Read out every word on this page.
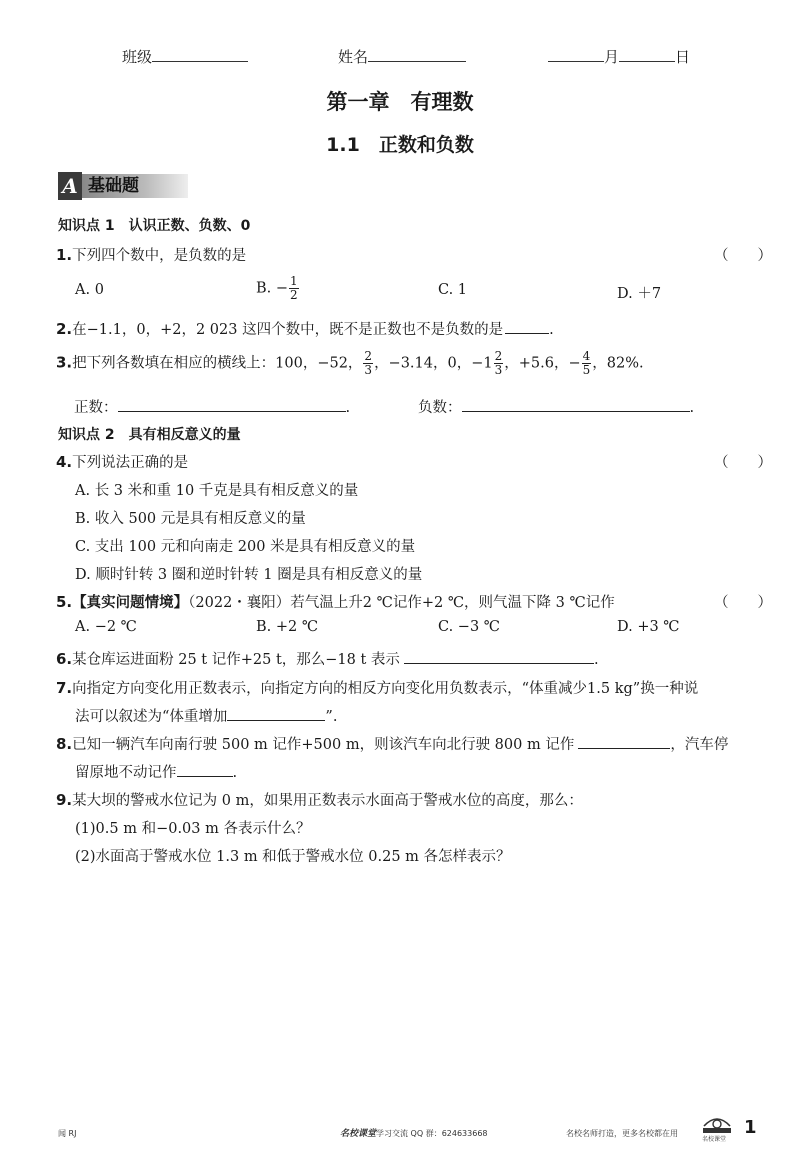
班级	姓名	月	日
第一章　有理数
1.1　正数和负数
A 基础题
知识点 1　认识正数、负数、0
1.下列四个数中，是负数的是	（　　）
A. 0	B. − $\frac{1}{2}$	C. 1	D. ＋7
2.在−1.1，0，+2，2 023 这四个数中，既不是正数也不是负数的是	.
3.把下列各数填在相应的横线上：100，−52， $\frac{2}{3}$ ，−3.14，0，$-1 \frac{2}{3}$ ，+5.6，− $\frac{4}{5}$ ，82%.
正数：	.	负数：	.
知识点 2　具有相反意义的量
4.下列说法正确的是	（　　）
A. 长 3 米和重 10 千克是具有相反意义的量
B. 收入 500 元是具有相反意义的量
C. 支出 100 元和向南走 200 米是具有相反意义的量
D. 顺时针转 3 圈和逆时针转 1 圈是具有相反意义的量
5.【真实问题情境】（2022・襄阳）若气温上升2 ℃记作+2 ℃，则气温下降 3 ℃记作	（　　）
A. −2 ℃	B. +2 ℃	C. −3 ℃	D. +3 ℃
6.某仓库运进面粉 25 t 记作+25 t，那么−18 t 表示	.
7.向指定方向变化用正数表示，向指定方向的相反方向变化用负数表示，“体重减少1.5 kg”换一种说
法可以叙述为“体重增加	”.
8.已知一辆汽车向南行驶 500 m 记作+500 m，则该汽车向北行驶 800 m 记作	，汽车停
留原地不动记作	.
9.某大坝的警戒水位记为 0 m，如果用正数表示水面高于警戒水位的高度，那么：
(1)0.5 m 和−0.03 m 各表示什么？
(2)水面高于警戒水位 1.3 m 和低于警戒水位 0.25 m 各怎样表示？
闻 RJ	名校课堂学习交流 QQ 群：624633668	名校名师打造，更多名校都在用
名校课堂
1
